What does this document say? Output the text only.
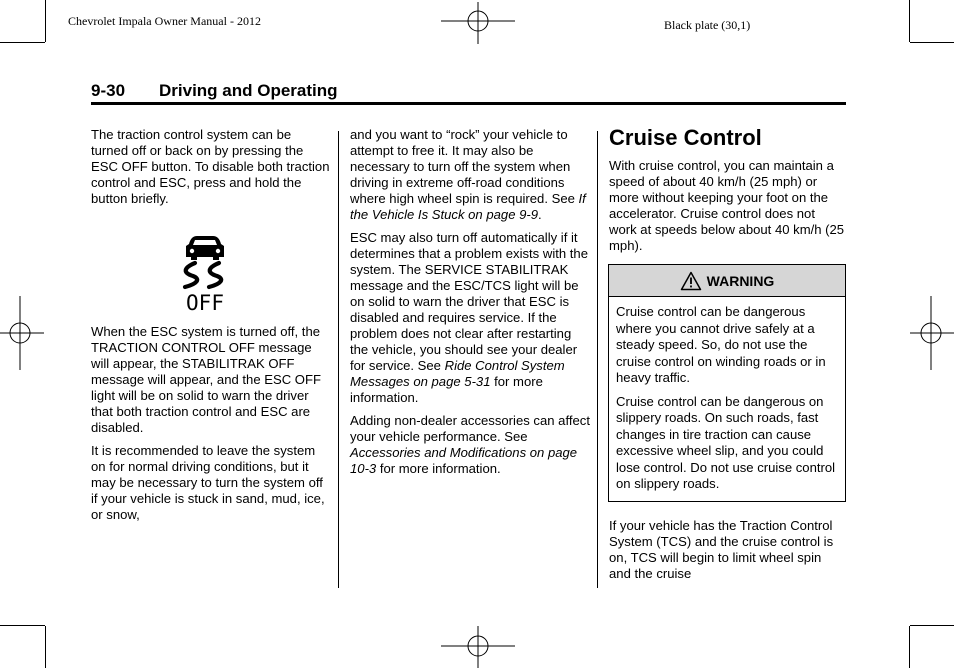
Chevrolet Impala Owner Manual - 2012	Black plate (30,1)
9-30 Driving and Operating

The traction control system can be turned off or back on by pressing the ESC OFF button. To disable both traction control and ESC, press and hold the button briefly.

OFF

When the ESC system is turned off, the TRACTION CONTROL OFF message will appear, the STABILITRAK OFF message will appear, and the ESC OFF light will be on solid to warn the driver that both traction control and ESC are disabled.

It is recommended to leave the system on for normal driving conditions, but it may be necessary to turn the system off if your vehicle is stuck in sand, mud, ice, or snow,

and you want to “rock” your vehicle to attempt to free it. It may also be necessary to turn off the system when driving in extreme off-road conditions where high wheel spin is required. See If the Vehicle Is Stuck on page 9-9.

ESC may also turn off automatically if it determines that a problem exists with the system. The SERVICE STABILITRAK message and the ESC/TCS light will be on solid to warn the driver that ESC is disabled and requires service. If the problem does not clear after restarting the vehicle, you should see your dealer for service. See Ride Control System Messages on page 5-31 for more information.

Adding non-dealer accessories can affect your vehicle performance. See Accessories and Modifications on page 10-3 for more information.

Cruise Control

With cruise control, you can maintain a speed of about 40 km/h (25 mph) or more without keeping your foot on the accelerator. Cruise control does not work at speeds below about 40 km/h (25 mph).

WARNING

Cruise control can be dangerous where you cannot drive safely at a steady speed. So, do not use the cruise control on winding roads or in heavy traffic.

Cruise control can be dangerous on slippery roads. On such roads, fast changes in tire traction can cause excessive wheel slip, and you could lose control. Do not use cruise control on slippery roads.

If your vehicle has the Traction Control System (TCS) and the cruise control is on, TCS will begin to limit wheel spin and the cruise
